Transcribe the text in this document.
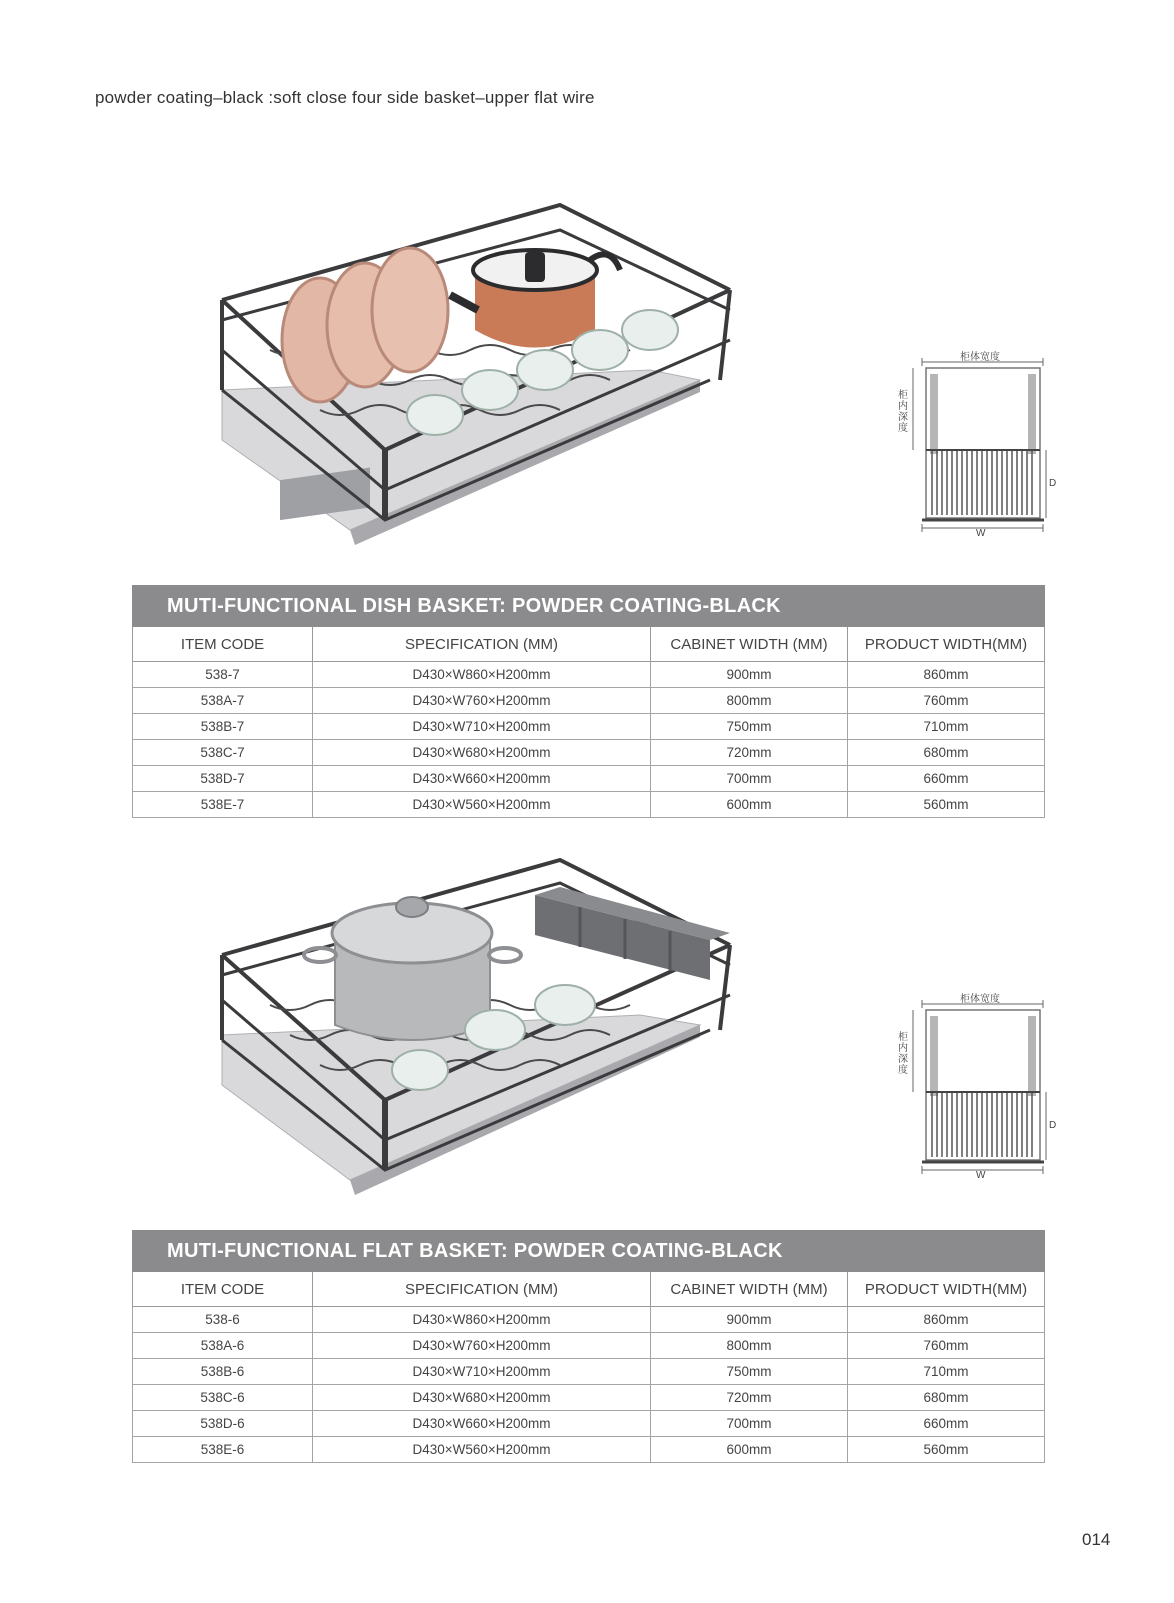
powder coating–black :soft close four side basket–upper flat wire
柜体宽度
柜内深度
D
W
MUTI-FUNCTIONAL DISH BASKET: POWDER COATING-BLACK			
ITEM CODE	SPECIFICATION (MM)	CABINET WIDTH (MM)	PRODUCT WIDTH(MM)
538-7	D430×W860×H200mm	900mm	860mm
538A-7	D430×W760×H200mm	800mm	760mm
538B-7	D430×W710×H200mm	750mm	710mm
538C-7	D430×W680×H200mm	720mm	680mm
538D-7	D430×W660×H200mm	700mm	660mm
538E-7	D430×W560×H200mm	600mm	560mm
柜体宽度
柜内深度
D
W
MUTI-FUNCTIONAL FLAT BASKET: POWDER COATING-BLACK			
ITEM CODE	SPECIFICATION (MM)	CABINET WIDTH (MM)	PRODUCT WIDTH(MM)
538-6	D430×W860×H200mm	900mm	860mm
538A-6	D430×W760×H200mm	800mm	760mm
538B-6	D430×W710×H200mm	750mm	710mm
538C-6	D430×W680×H200mm	720mm	680mm
538D-6	D430×W660×H200mm	700mm	660mm
538E-6	D430×W560×H200mm	600mm	560mm
014
